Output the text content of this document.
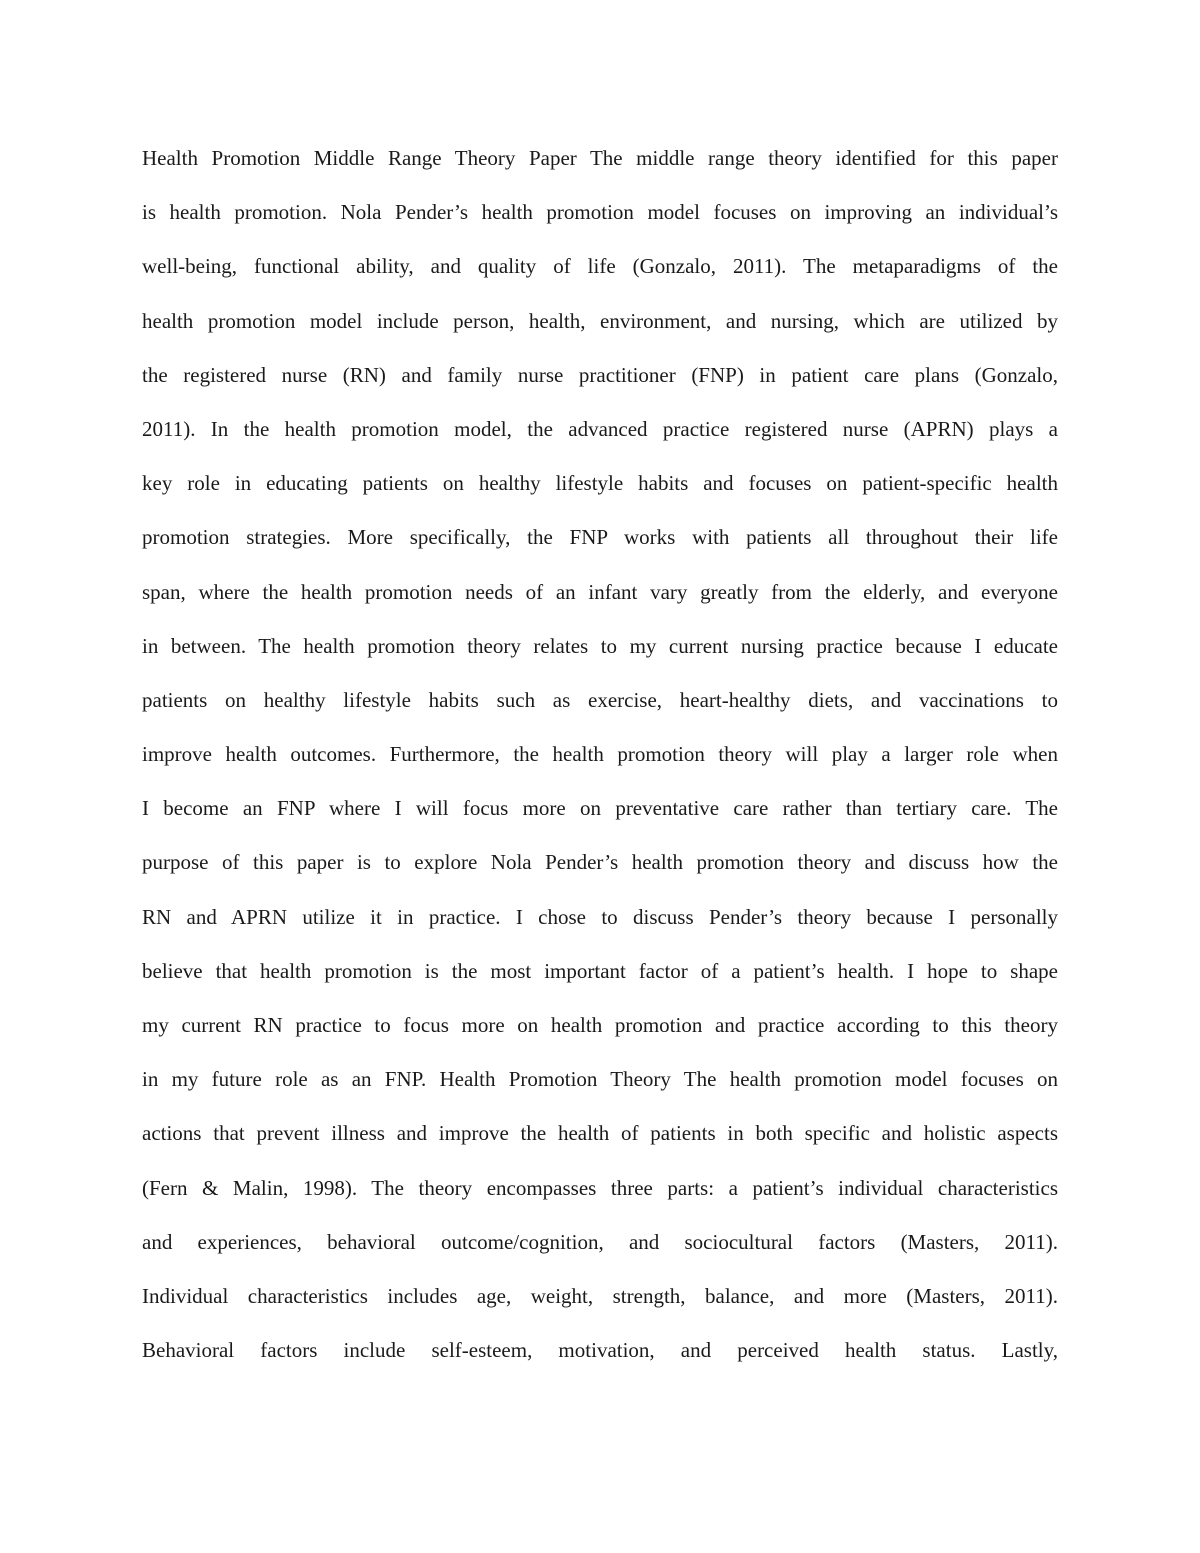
Health Promotion Middle Range Theory Paper The middle range theory identified for this paper
is health promotion. Nola Pender’s health promotion model focuses on improving an individual’s
well-being, functional ability, and quality of life (Gonzalo, 2011). The metaparadigms of the
health promotion model include person, health, environment, and nursing, which are utilized by
the registered nurse (RN) and family nurse practitioner (FNP) in patient care plans (Gonzalo,
2011). In the health promotion model, the advanced practice registered nurse (APRN) plays a
key role in educating patients on healthy lifestyle habits and focuses on patient-specific health
promotion strategies. More specifically, the FNP works with patients all throughout their life
span, where the health promotion needs of an infant vary greatly from the elderly, and everyone
in between. The health promotion theory relates to my current nursing practice because I educate
patients on healthy lifestyle habits such as exercise, heart-healthy diets, and vaccinations to
improve health outcomes. Furthermore, the health promotion theory will play a larger role when
I become an FNP where I will focus more on preventative care rather than tertiary care. The
purpose of this paper is to explore Nola Pender’s health promotion theory and discuss how the
RN and APRN utilize it in practice. I chose to discuss Pender’s theory because I personally
believe that health promotion is the most important factor of a patient’s health. I hope to shape
my current RN practice to focus more on health promotion and practice according to this theory
in my future role as an FNP. Health Promotion Theory The health promotion model focuses on
actions that prevent illness and improve the health of patients in both specific and holistic aspects
(Fern & Malin, 1998). The theory encompasses three parts: a patient’s individual characteristics
and experiences, behavioral outcome/cognition, and sociocultural factors (Masters, 2011).
Individual characteristics includes age, weight, strength, balance, and more (Masters, 2011).
Behavioral factors include self-esteem, motivation, and perceived health status. Lastly,
